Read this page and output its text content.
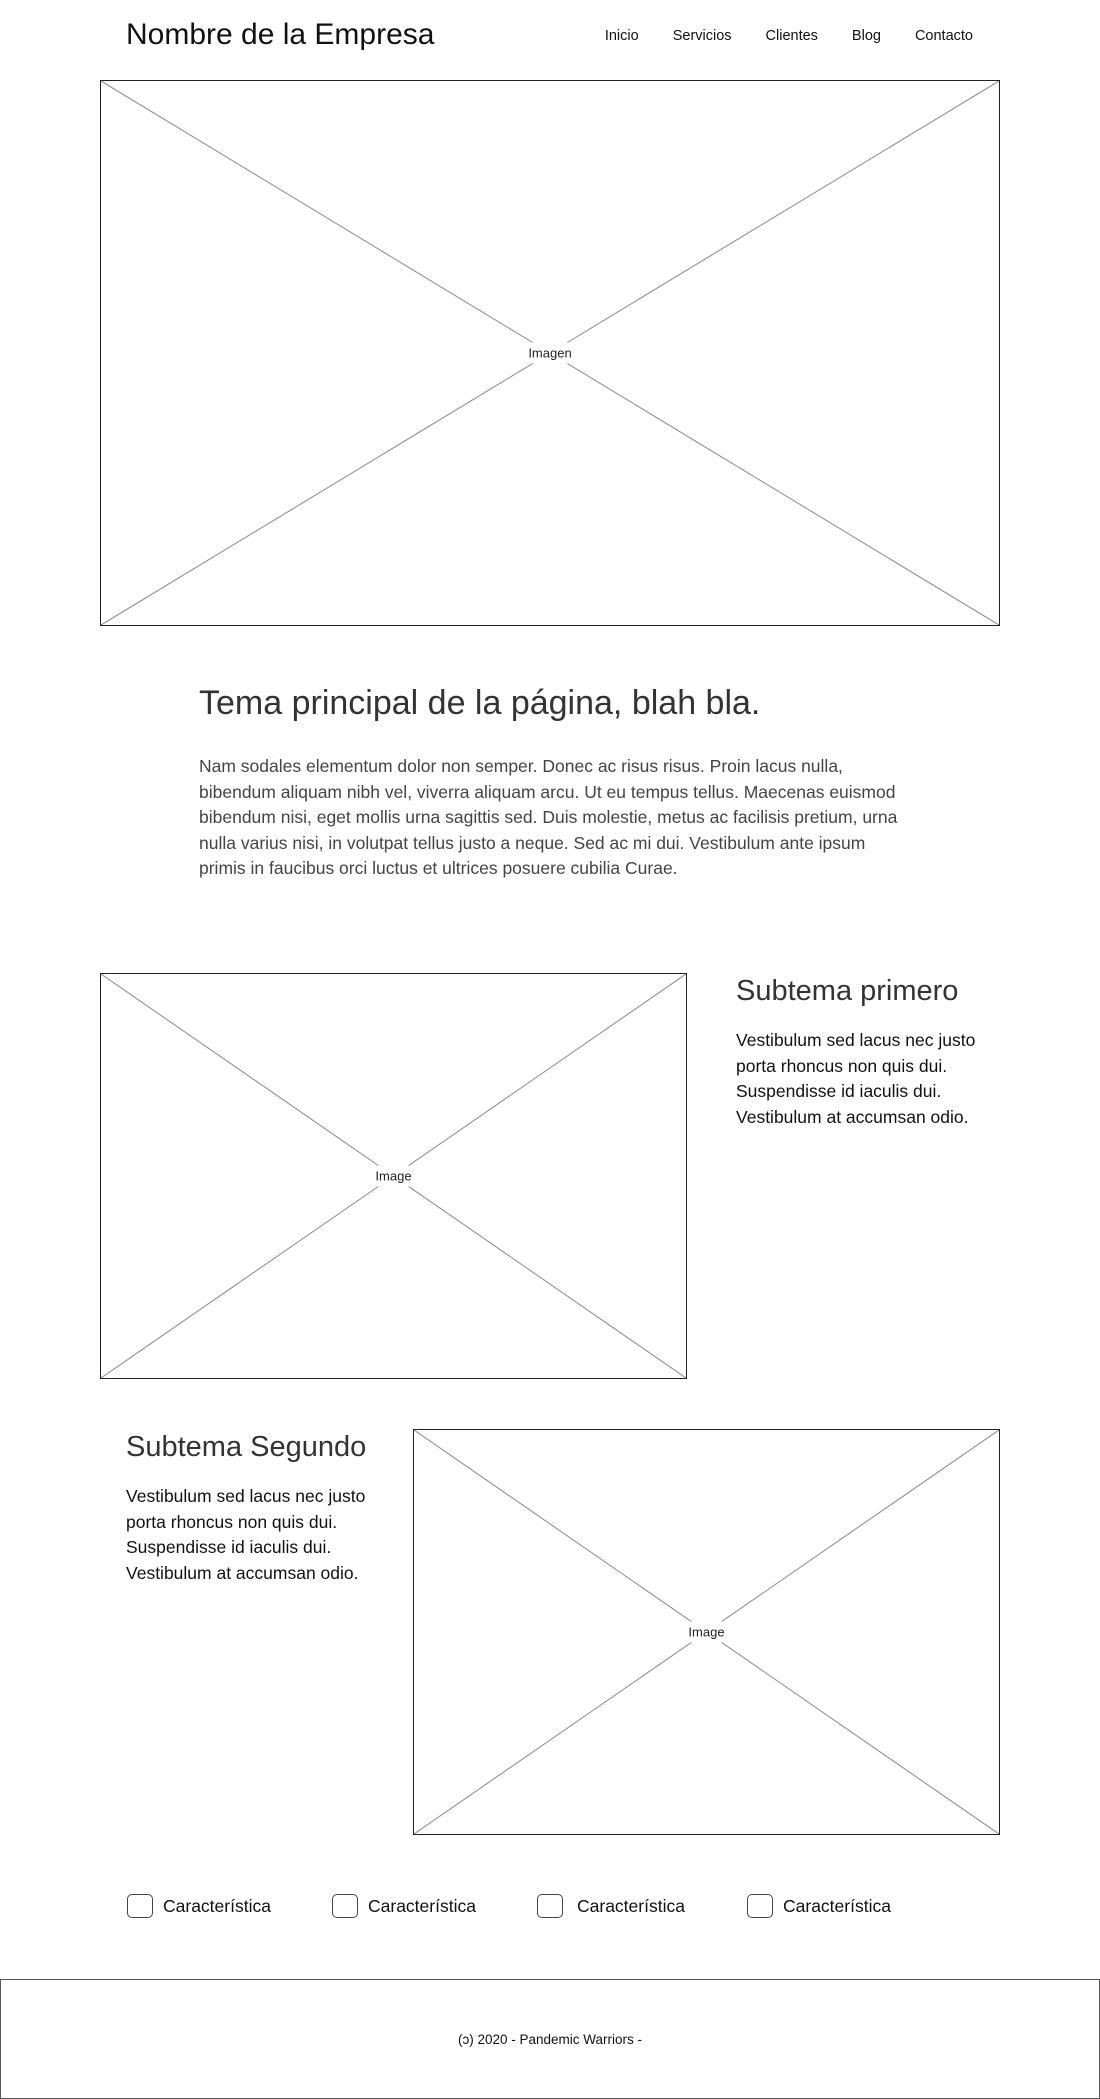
Nombre de la Empresa	Inicio Servicios Clientes Blog Contacto
Imagen
Tema principal de la página, blah bla.

Nam sodales elementum dolor non semper. Donec ac risus risus. Proin lacus nulla, bibendum aliquam nibh vel, viverra aliquam arcu. Ut eu tempus tellus. Maecenas euismod bibendum nisi, eget mollis urna sagittis sed. Duis molestie, metus ac facilisis pretium, urna nulla varius nisi, in volutpat tellus justo a neque. Sed ac mi dui. Vestibulum ante ipsum primis in faucibus orci luctus et ultrices posuere cubilia Curae.

Image
Subtema primero

Vestibulum sed lacus nec justo porta rhoncus non quis dui. Suspendisse id iaculis dui. Vestibulum at accumsan odio.

Subtema Segundo

Vestibulum sed lacus nec justo porta rhoncus non quis dui. Suspendisse id iaculis dui. Vestibulum at accumsan odio.

Image
Característica	Característica	Característica	Característica
(ɔ) 2020 - Pandemic Warriors -
